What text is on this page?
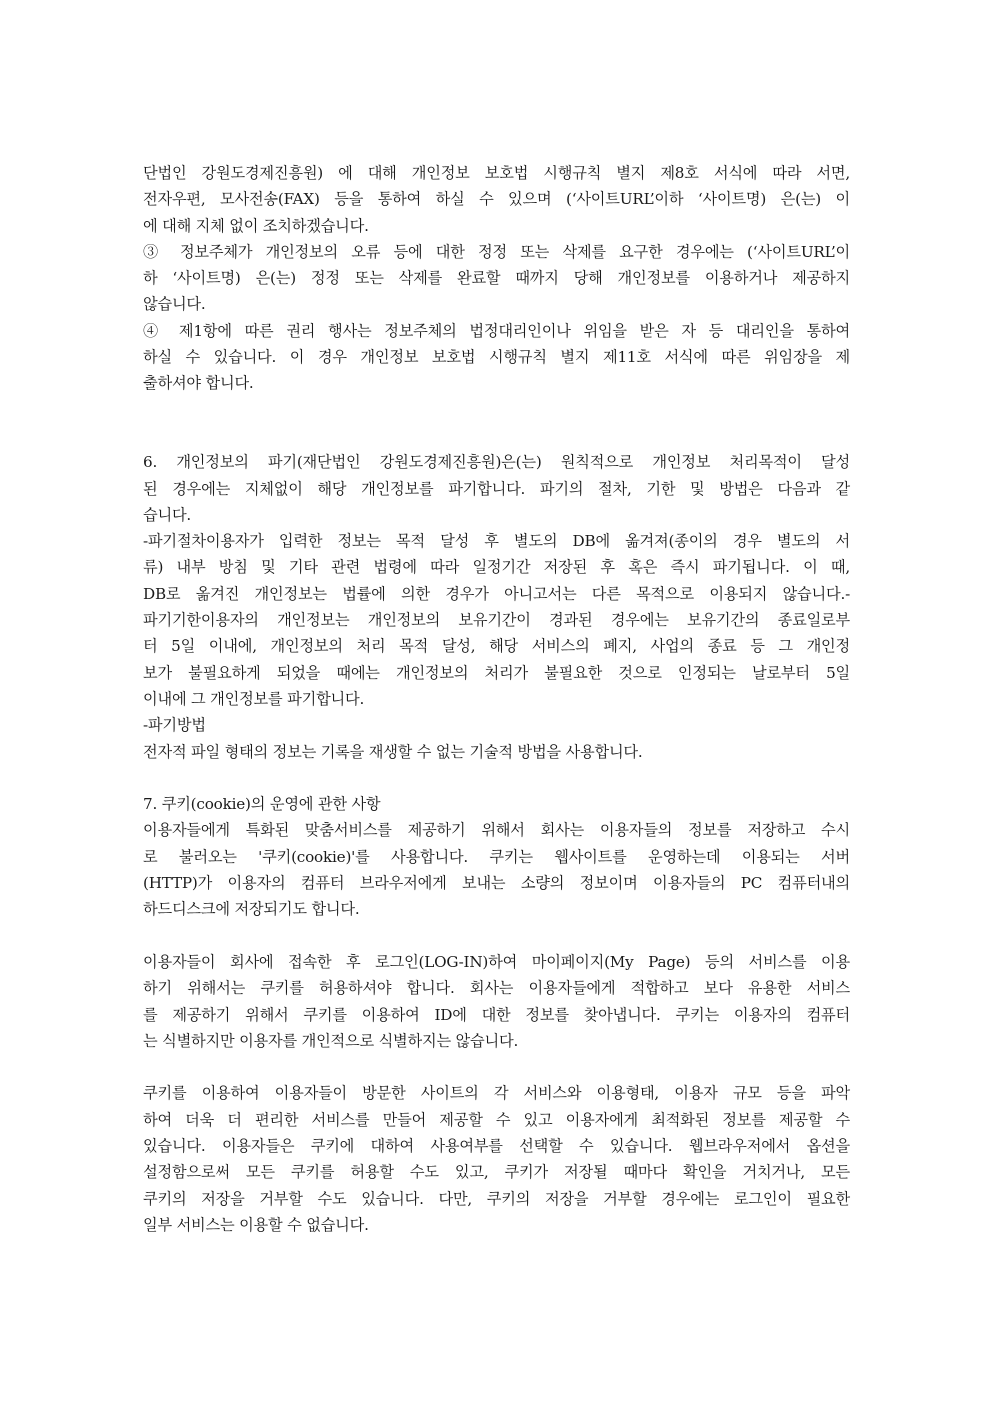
단법인 강원도경제진흥원) 에 대해 개인정보 보호법 시행규칙 별지 제8호 서식에 따라 서면,
전자우편, 모사전송(FAX) 등을 통하여 하실 수 있으며 (‘사이트URL’이하 ‘사이트명) 은(는) 이
에 대해 지체 없이 조치하겠습니다.
③ 정보주체가 개인정보의 오류 등에 대한 정정 또는 삭제를 요구한 경우에는 (‘사이트URL’이
하 ‘사이트명) 은(는) 정정 또는 삭제를 완료할 때까지 당해 개인정보를 이용하거나 제공하지
않습니다.
④ 제1항에 따른 권리 행사는 정보주체의 법정대리인이나 위임을 받은 자 등 대리인을 통하여
하실 수 있습니다. 이 경우 개인정보 보호법 시행규칙 별지 제11호 서식에 따른 위임장을 제
출하셔야 합니다.
6. 개인정보의 파기(재단법인 강원도경제진흥원)은(는) 원칙적으로 개인정보 처리목적이 달성
된 경우에는 지체없이 해당 개인정보를 파기합니다. 파기의 절차, 기한 및 방법은 다음과 같
습니다.
-파기절차이용자가 입력한 정보는 목적 달성 후 별도의 DB에 옮겨져(종이의 경우 별도의 서
류) 내부 방침 및 기타 관련 법령에 따라 일정기간 저장된 후 혹은 즉시 파기됩니다. 이 때,
DB로 옮겨진 개인정보는 법률에 의한 경우가 아니고서는 다른 목적으로 이용되지 않습니다.-
파기기한이용자의 개인정보는 개인정보의 보유기간이 경과된 경우에는 보유기간의 종료일로부
터 5일 이내에, 개인정보의 처리 목적 달성, 해당 서비스의 폐지, 사업의 종료 등 그 개인정
보가 불필요하게 되었을 때에는 개인정보의 처리가 불필요한 것으로 인정되는 날로부터 5일
이내에 그 개인정보를 파기합니다.
-파기방법
전자적 파일 형태의 정보는 기록을 재생할 수 없는 기술적 방법을 사용합니다.
7. 쿠키(cookie)의 운영에 관한 사항
이용자들에게 특화된 맞춤서비스를 제공하기 위해서 회사는 이용자들의 정보를 저장하고 수시
로 불러오는 '쿠키(cookie)'를 사용합니다. 쿠키는 웹사이트를 운영하는데 이용되는 서버
(HTTP)가 이용자의 컴퓨터 브라우저에게 보내는 소량의 정보이며 이용자들의 PC 컴퓨터내의
하드디스크에 저장되기도 합니다.
이용자들이 회사에 접속한 후 로그인(LOG-IN)하여 마이페이지(My Page) 등의 서비스를 이용
하기 위해서는 쿠키를 허용하셔야 합니다. 회사는 이용자들에게 적합하고 보다 유용한 서비스
를 제공하기 위해서 쿠키를 이용하여 ID에 대한 정보를 찾아냅니다. 쿠키는 이용자의 컴퓨터
는 식별하지만 이용자를 개인적으로 식별하지는 않습니다.
쿠키를 이용하여 이용자들이 방문한 사이트의 각 서비스와 이용형태, 이용자 규모 등을 파악
하여 더욱 더 편리한 서비스를 만들어 제공할 수 있고 이용자에게 최적화된 정보를 제공할 수
있습니다. 이용자들은 쿠키에 대하여 사용여부를 선택할 수 있습니다. 웹브라우저에서 옵션을
설정함으로써 모든 쿠키를 허용할 수도 있고, 쿠키가 저장될 때마다 확인을 거치거나, 모든
쿠키의 저장을 거부할 수도 있습니다. 다만, 쿠키의 저장을 거부할 경우에는 로그인이 필요한
일부 서비스는 이용할 수 없습니다.
